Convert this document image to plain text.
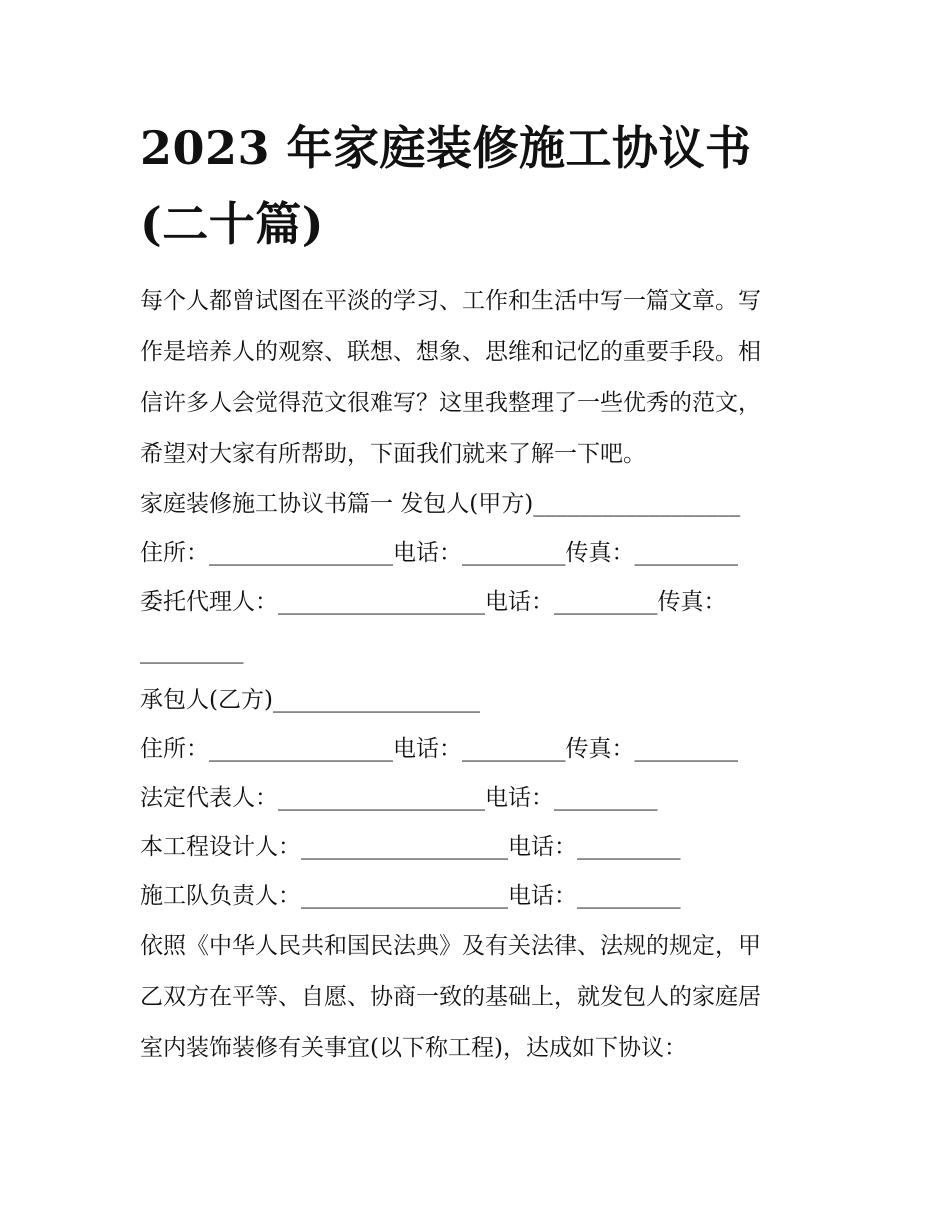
2023 年家庭装修施工协议书
(二十篇)
每个人都曾试图在平淡的学习、工作和生活中写一篇文章。写
作是培养人的观察、联想、想象、思维和记忆的重要手段。相
信许多人会觉得范文很难写？这里我整理了一些优秀的范文，
希望对大家有所帮助，下面我们就来了解一下吧。
家庭装修施工协议书篇一 发包人(甲方)__________________
住所：________________电话：_________传真：_________
委托代理人：__________________电话：_________传真：
_________
承包人(乙方)__________________
住所：________________电话：_________传真：_________
法定代表人：__________________电话：_________
本工程设计人：__________________电话：_________
施工队负责人：__________________电话：_________
依照《中华人民共和国民法典》及有关法律、法规的规定，甲
乙双方在平等、自愿、协商一致的基础上，就发包人的家庭居
室内装饰装修有关事宜(以下称工程)，达成如下协议：
